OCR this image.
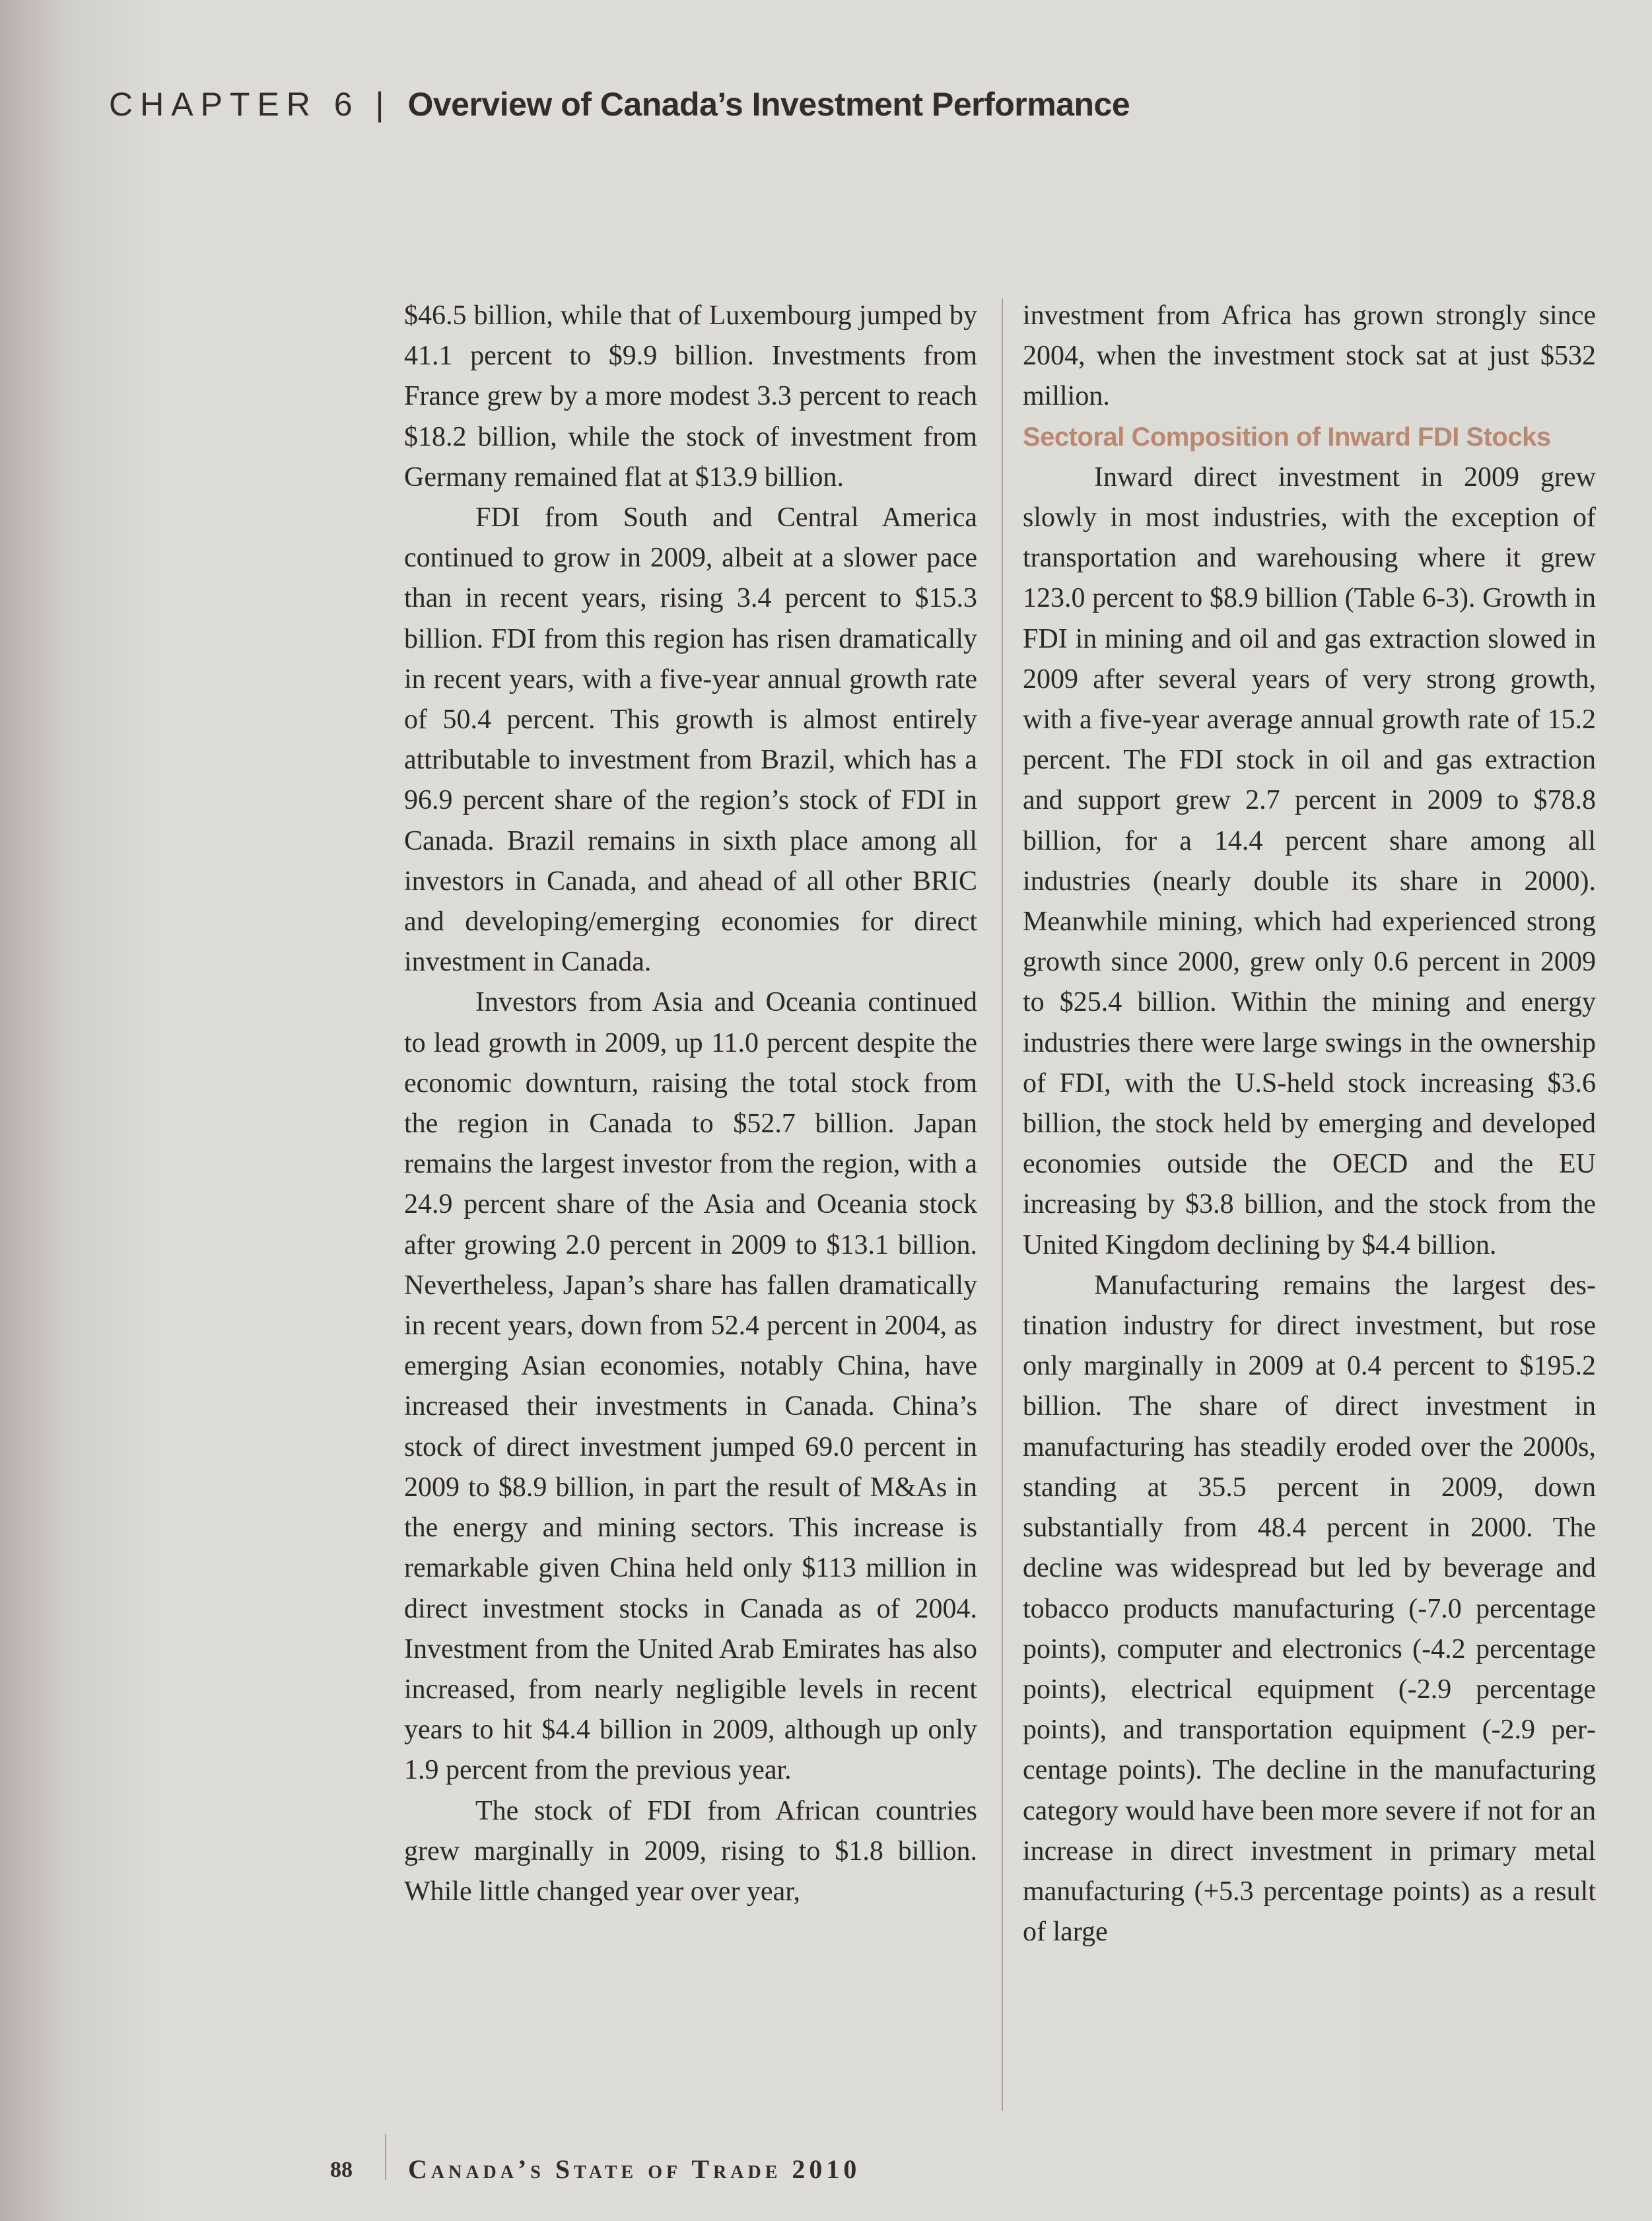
CHAPTER 6 | Overview of Canada’s Investment Performance

$46.5 billion, while that of Luxembourg jumped by 41.1 percent to $9.9 billion. Investments from France grew by a more modest 3.3 percent to reach $18.2 billion, while the stock of investment from Germany remained flat at $13.9 billion.

FDI from South and Central America continued to grow in 2009, albeit at a slower pace than in recent years, rising 3.4 percent to $15.3 billion. FDI from this region has risen dramatically in recent years, with a five-year annual growth rate of 50.4 percent. This growth is almost entirely attributable to investment from Brazil, which has a 96.9 percent share of the region’s stock of FDI in Canada. Brazil remains in sixth place among all investors in Canada, and ahead of all other BRIC and developing/emerging economies for direct investment in Canada.

Investors from Asia and Oceania continued to lead growth in 2009, up 11.0 percent despite the economic downturn, raising the total stock from the region in Canada to $52.7 billion. Japan remains the largest investor from the region, with a 24.9 percent share of the Asia and Oceania stock after growing 2.0 percent in 2009 to $13.1 billion. Nevertheless, Japan’s share has fallen dramatically in recent years, down from 52.4 percent in 2004, as emerging Asian economies, notably China, have increased their investments in Canada. China’s stock of direct investment jumped 69.0 percent in 2009 to $8.9 billion, in part the result of M&As in the energy and mining sectors. This increase is remarkable given China held only $113 million in direct investment stocks in Canada as of 2004. Investment from the United Arab Emirates has also increased, from nearly negligible levels in recent years to hit $4.4 billion in 2009, although up only 1.9 percent from the previous year.

The stock of FDI from African countries grew marginally in 2009, rising to $1.8 billion. While little changed year over year,

investment from Africa has grown strongly since 2004, when the investment stock sat at just $532 million.

Sectoral Composition of Inward FDI Stocks

Inward direct investment in 2009 grew slowly in most industries, with the exception of transportation and warehousing where it grew 123.0 percent to $8.9 billion (Table 6-3). Growth in FDI in mining and oil and gas extraction slowed in 2009 after several years of very strong growth, with a five-year average annual growth rate of 15.2 percent. The FDI stock in oil and gas extraction and support grew 2.7 percent in 2009 to $78.8 billion, for a 14.4 percent share among all industries (nearly double its share in 2000). Meanwhile mining, which had experienced strong growth since 2000, grew only 0.6 percent in 2009 to $25.4 billion. Within the mining and energy industries there were large swings in the ownership of FDI, with the U.S-held stock increasing $3.6 billion, the stock held by emerging and developed economies outside the OECD and the EU increasing by $3.8 billion, and the stock from the United Kingdom declining by $4.4 billion.

Manufacturing remains the largest destination industry for direct investment, but rose only marginally in 2009 at 0.4 percent to $195.2 billion. The share of direct investment in manufacturing has steadily eroded over the 2000s, standing at 35.5 percent in 2009, down substantially from 48.4 percent in 2000. The decline was widespread but led by beverage and tobacco products manufacturing (-7.0 percentage points), computer and electronics (-4.2 percentage points), electrical equipment (-2.9 percentage points), and transportation equipment (-2.9 percentage points). The decline in the manufacturing category would have been more severe if not for an increase in direct investment in primary metal manufacturing (+5.3 percentage points) as a result of large

88 Canada’s State of Trade 2010
